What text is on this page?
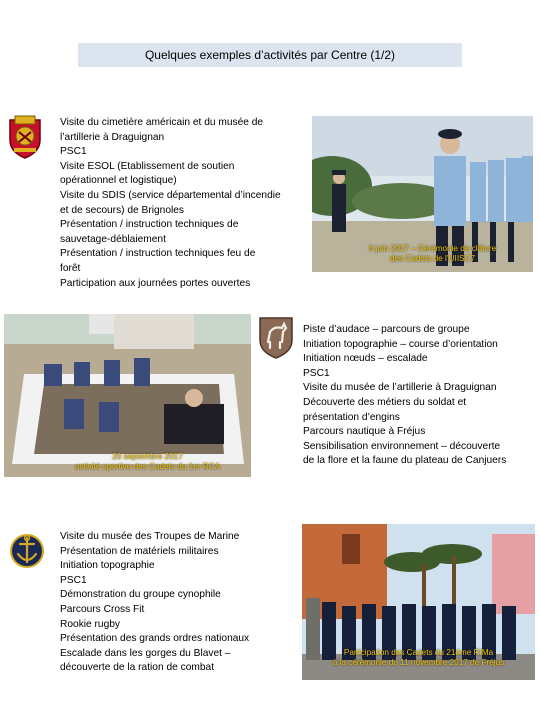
Quelques exemples d’activités par Centre (1/2)
Visite du cimetière américain et du musée de
l’artillerie à Draguignan
PSC1
Visite ESOL (Etablissement de soutien
opérationnel et logistique)
Visite du SDIS (service départemental d’incendie
et de secours) de Brignoles
Présentation / instruction techniques de
sauvetage-déblaiement
Présentation / instruction techniques feu de
forêt
Participation aux journées portes ouvertes
6 juin 2017 – Cérémonie de clôture
des Cadets de l’UIISC7
20 septembre 2017
activité sportive des Cadets du 1er RCA
Piste d’audace – parcours de groupe
Initiation topographie – course d’orientation
Initiation nœuds – escalade
PSC1
Visite du musée de l’artillerie à Draguignan
Découverte des métiers du soldat et
présentation d’engins
Parcours nautique à Fréjus
Sensibilisation environnement – découverte
de la flore et la faune du plateau de Canjuers
Visite du musée des Troupes de Marine
Présentation de matériels militaires
Initiation topographie
PSC1
Démonstration du groupe cynophile
Parcours Cross Fit
Rookie rugby
Présentation des grands ordres nationaux
Escalade dans les gorges du Blavet –
découverte de la ration de combat
Participation des Cadets du 21ème RIMa
à la cérémonie du 11 novembre 2017 de Fréjus
